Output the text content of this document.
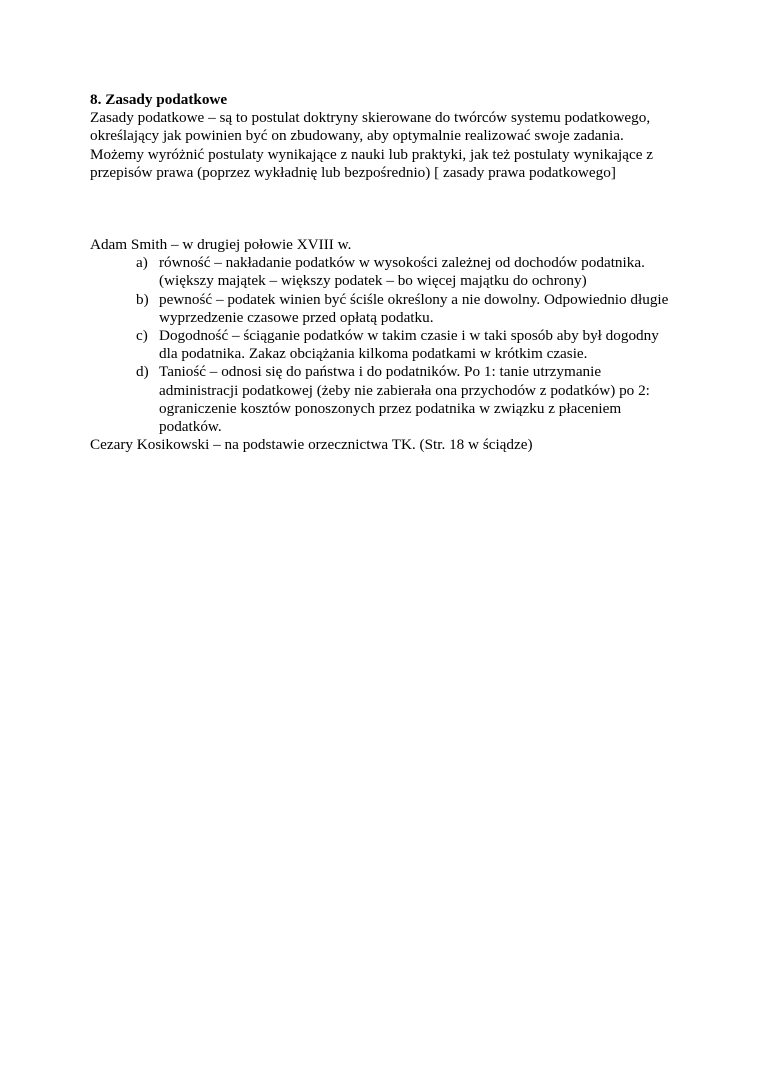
8. Zasady podatkowe

Zasady podatkowe – są to postulat doktryny skierowane do twórców systemu podatkowego, określający jak powinien być on zbudowany, aby optymalnie realizować swoje zadania. Możemy wyróżnić postulaty wynikające z nauki lub praktyki, jak też postulaty wynikające z przepisów prawa (poprzez wykładnię lub bezpośrednio) [ zasady prawa podatkowego]

Adam Smith – w drugiej połowie XVIII w.

a) równość – nakładanie podatków w wysokości zależnej od dochodów podatnika. (większy majątek – większy podatek – bo więcej majątku do ochrony)
b) pewność – podatek winien być ściśle określony a nie dowolny. Odpowiednio długie wyprzedzenie czasowe przed opłatą podatku.
c) Dogodność – ściąganie podatków w takim czasie i w taki sposób aby był dogodny dla podatnika. Zakaz obciążania kilkoma podatkami w krótkim czasie.
d) Taniość – odnosi się do państwa i do podatników. Po 1: tanie utrzymanie administracji podatkowej (żeby nie zabierała ona przychodów z podatków) po 2: ograniczenie kosztów ponoszonych przez podatnika w związku z płaceniem podatków.

Cezary Kosikowski – na podstawie orzecznictwa TK. (Str. 18 w ściądze)
